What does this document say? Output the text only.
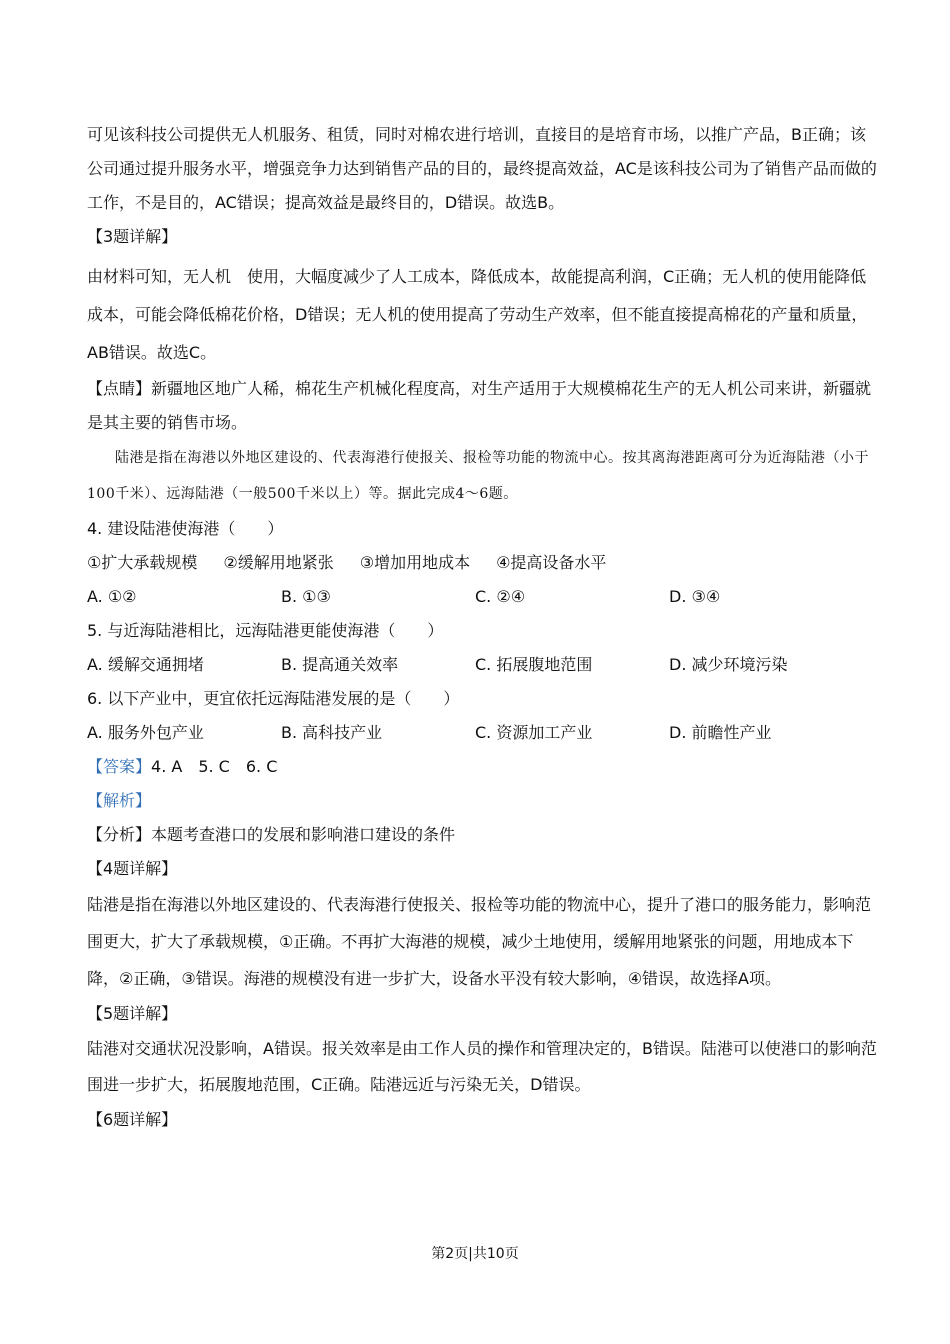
可见该科技公司提供无人机服务、租赁，同时对棉农进行培训，直接目的是培育市场，以推广产品，B正确；该公司通过提升服务水平，增强竞争力达到销售产品的目的，最终提高效益，AC是该科技公司为了销售产品而做的工作，不是目的，AC错误；提高效益是最终目的，D错误。故选B。

【3题详解】

由材料可知，无人机　使用，大幅度减少了人工成本，降低成本，故能提高利润，C正确；无人机的使用能降低成本，可能会降低棉花价格，D错误；无人机的使用提高了劳动生产效率，但不能直接提高棉花的产量和质量，AB错误。故选C。

【点睛】新疆地区地广人稀，棉花生产机械化程度高，对生产适用于大规模棉花生产的无人机公司来讲，新疆就是其主要的销售市场。

陆港是指在海港以外地区建设的、代表海港行使报关、报检等功能的物流中心。按其离海港距离可分为近海陆港（小于100千米）、远海陆港（一般500千米以上）等。据此完成4～6题。

4. 建设陆港使海港（　　）

①扩大承载规模 ②缓解用地紧张 ③增加用地成本 ④提高设备水平
A. ①②	B. ①③	C. ②④	D. ③④

5. 与近海陆港相比，远海陆港更能使海港（　　）

A. 缓解交通拥堵	B. 提高通关效率	C. 拓展腹地范围	D. 减少环境污染

6. 以下产业中，更宜依托远海陆港发展的是（　　）

A. 服务外包产业	B. 高科技产业	C. 资源加工产业	D. 前瞻性产业

【答案】4. A　5. C　6. C

【解析】

【分析】本题考查港口的发展和影响港口建设的条件

【4题详解】

陆港是指在海港以外地区建设的、代表海港行使报关、报检等功能的物流中心，提升了港口的服务能力，影响范围更大，扩大了承载规模，①正确。不再扩大海港的规模，减少土地使用，缓解用地紧张的问题，用地成本下降，②正确，③错误。海港的规模没有进一步扩大，设备水平没有较大影响，④错误，故选择A项。

【5题详解】

陆港对交通状况没影响，A错误。报关效率是由工作人员的操作和管理决定的，B错误。陆港可以使港口的影响范围进一步扩大，拓展腹地范围，C正确。陆港远近与污染无关，D错误。

【6题详解】

第2页|共10页
